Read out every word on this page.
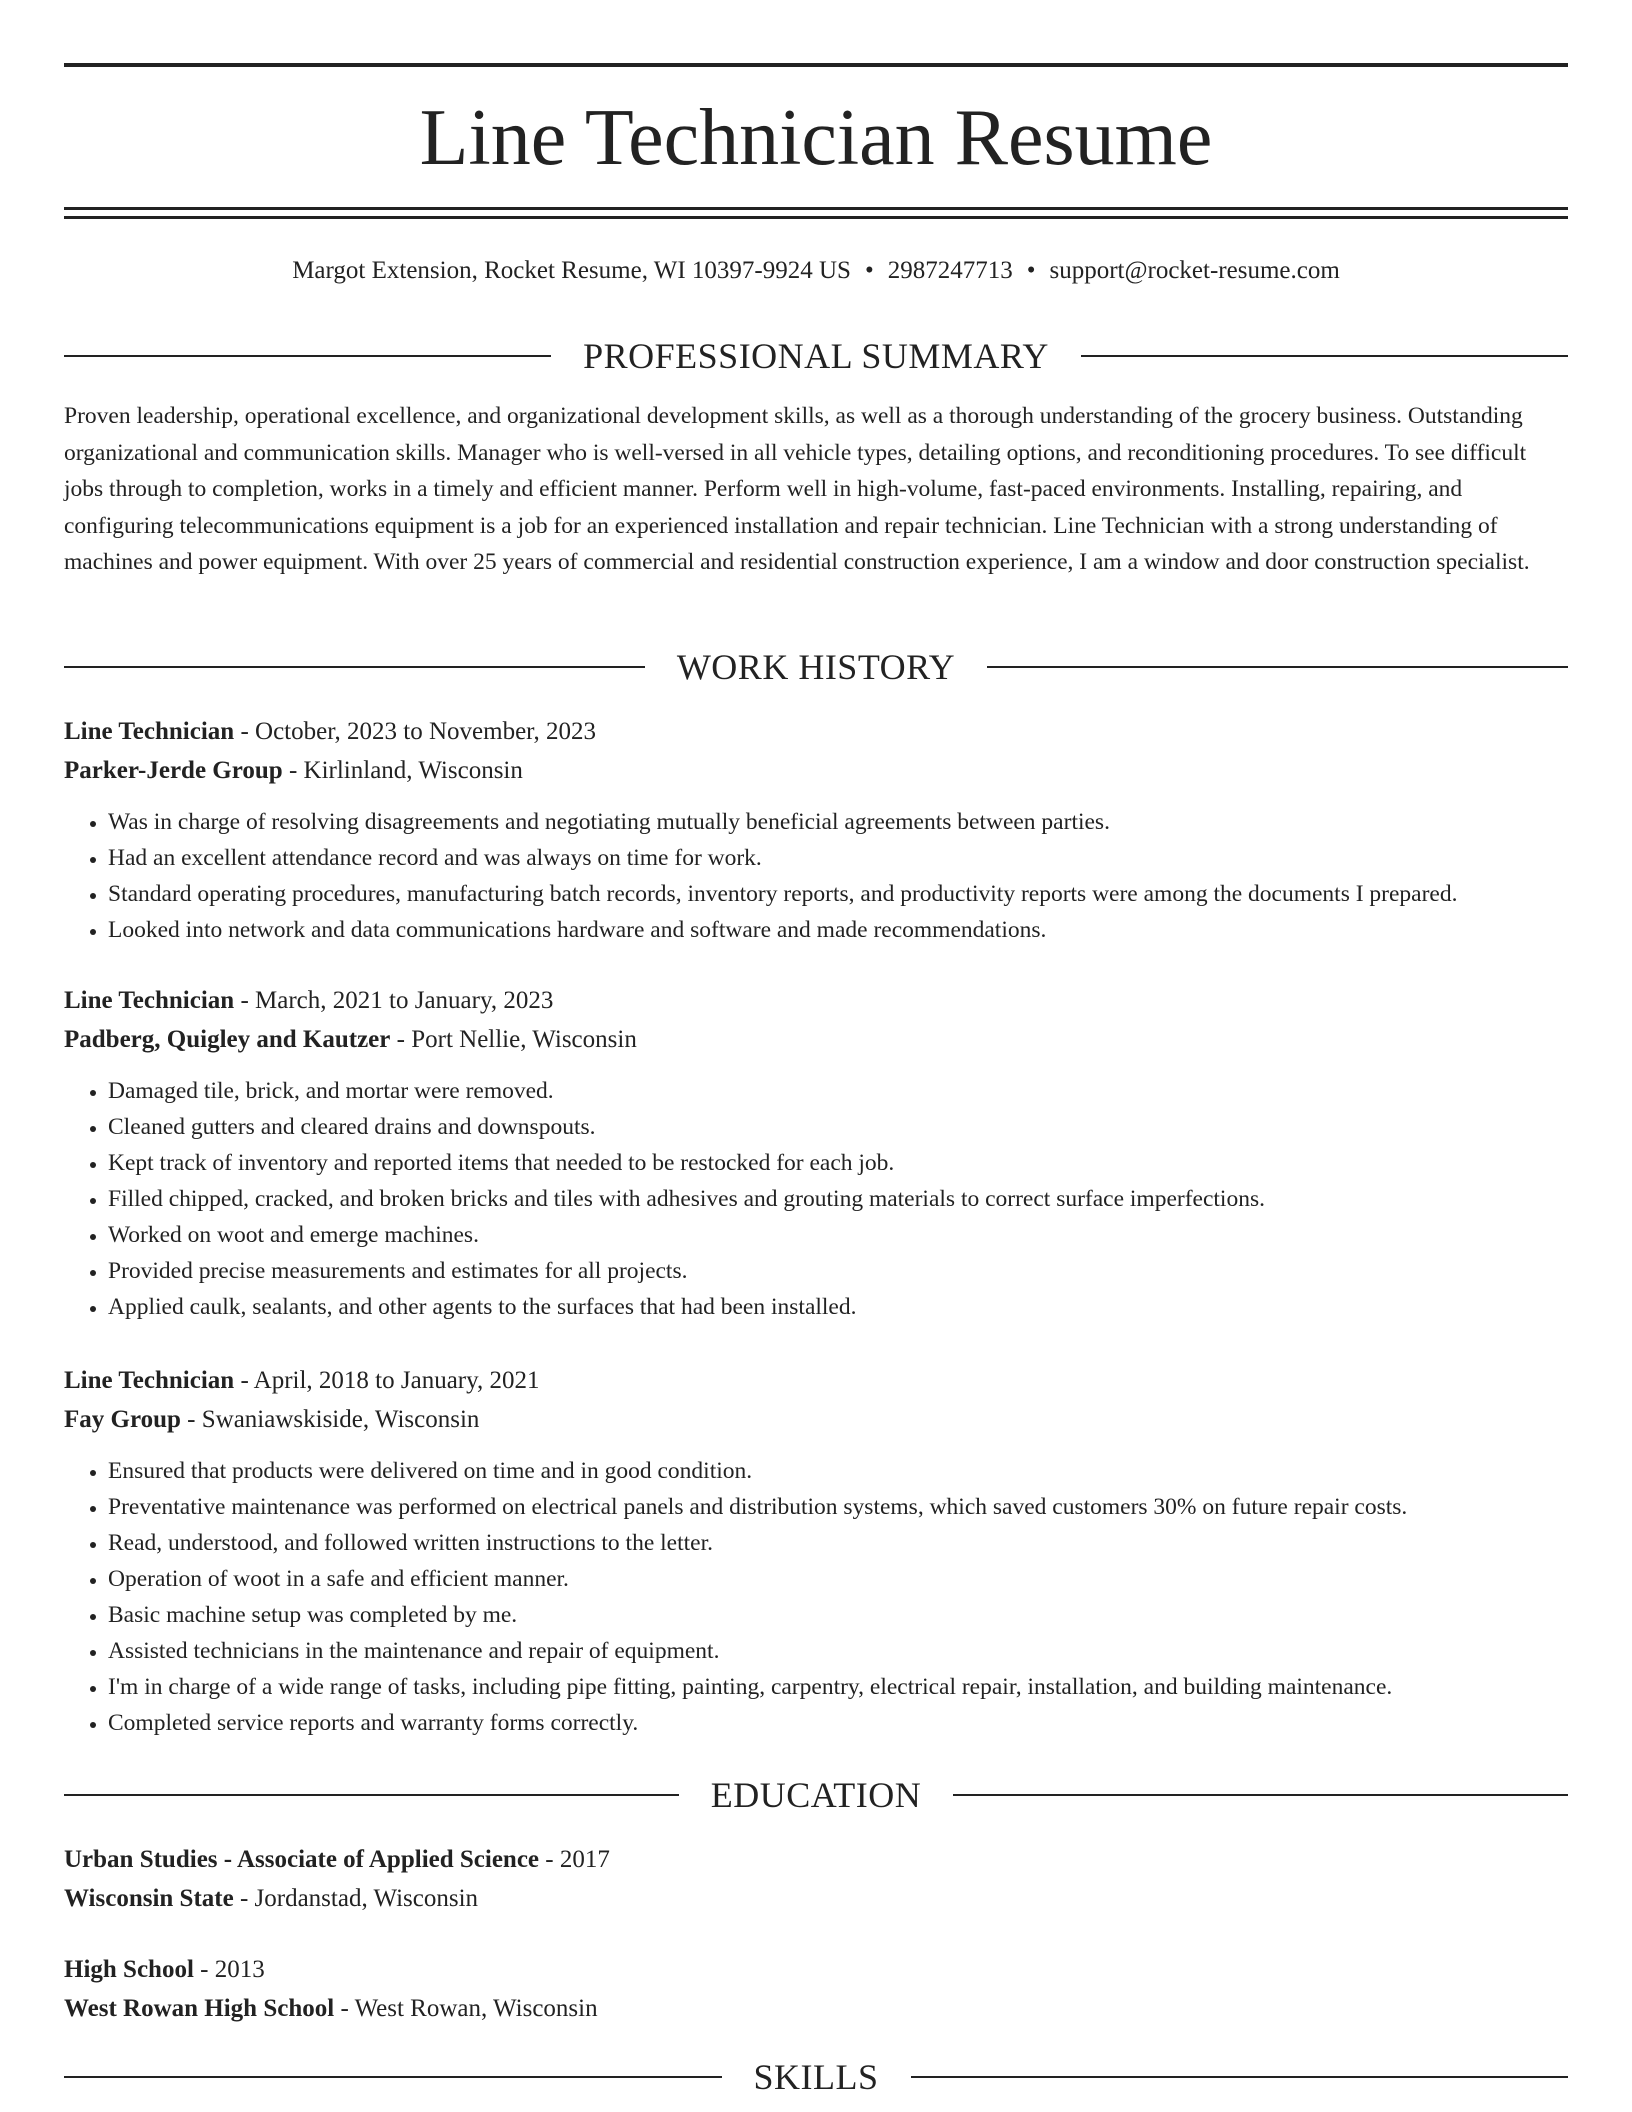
Line Technician Resume
Margot Extension, Rocket Resume, WI 10397-9924 US • 2987247713 • support@rocket-resume.com
PROFESSIONAL SUMMARY

Proven leadership, operational excellence, and organizational development skills, as well as a thorough understanding of the grocery business. Outstanding organizational and communication skills. Manager who is well-versed in all vehicle types, detailing options, and reconditioning procedures. To see difficult jobs through to completion, works in a timely and efficient manner. Perform well in high-volume, fast-paced environments. Installing, repairing, and configuring telecommunications equipment is a job for an experienced installation and repair technician. Line Technician with a strong understanding of machines and power equipment. With over 25 years of commercial and residential construction experience, I am a window and door construction specialist.

WORK HISTORY
Line Technician - October, 2023 to November, 2023
Parker-Jerde Group - Kirlinland, Wisconsin
• Was in charge of resolving disagreements and negotiating mutually beneficial agreements between parties.
• Had an excellent attendance record and was always on time for work.
• Standard operating procedures, manufacturing batch records, inventory reports, and productivity reports were among the documents I prepared.
• Looked into network and data communications hardware and software and made recommendations.
Line Technician - March, 2021 to January, 2023
Padberg, Quigley and Kautzer - Port Nellie, Wisconsin
• Damaged tile, brick, and mortar were removed.
• Cleaned gutters and cleared drains and downspouts.
• Kept track of inventory and reported items that needed to be restocked for each job.
• Filled chipped, cracked, and broken bricks and tiles with adhesives and grouting materials to correct surface imperfections.
• Worked on woot and emerge machines.
• Provided precise measurements and estimates for all projects.
• Applied caulk, sealants, and other agents to the surfaces that had been installed.
Line Technician - April, 2018 to January, 2021
Fay Group - Swaniawskiside, Wisconsin
• Ensured that products were delivered on time and in good condition.
• Preventative maintenance was performed on electrical panels and distribution systems, which saved customers 30% on future repair costs.
• Read, understood, and followed written instructions to the letter.
• Operation of woot in a safe and efficient manner.
• Basic machine setup was completed by me.
• Assisted technicians in the maintenance and repair of equipment.
• I'm in charge of a wide range of tasks, including pipe fitting, painting, carpentry, electrical repair, installation, and building maintenance.
• Completed service reports and warranty forms correctly.
EDUCATION
Urban Studies - Associate of Applied Science - 2017
Wisconsin State - Jordanstad, Wisconsin
High School - 2013
West Rowan High School - West Rowan, Wisconsin
SKILLS
